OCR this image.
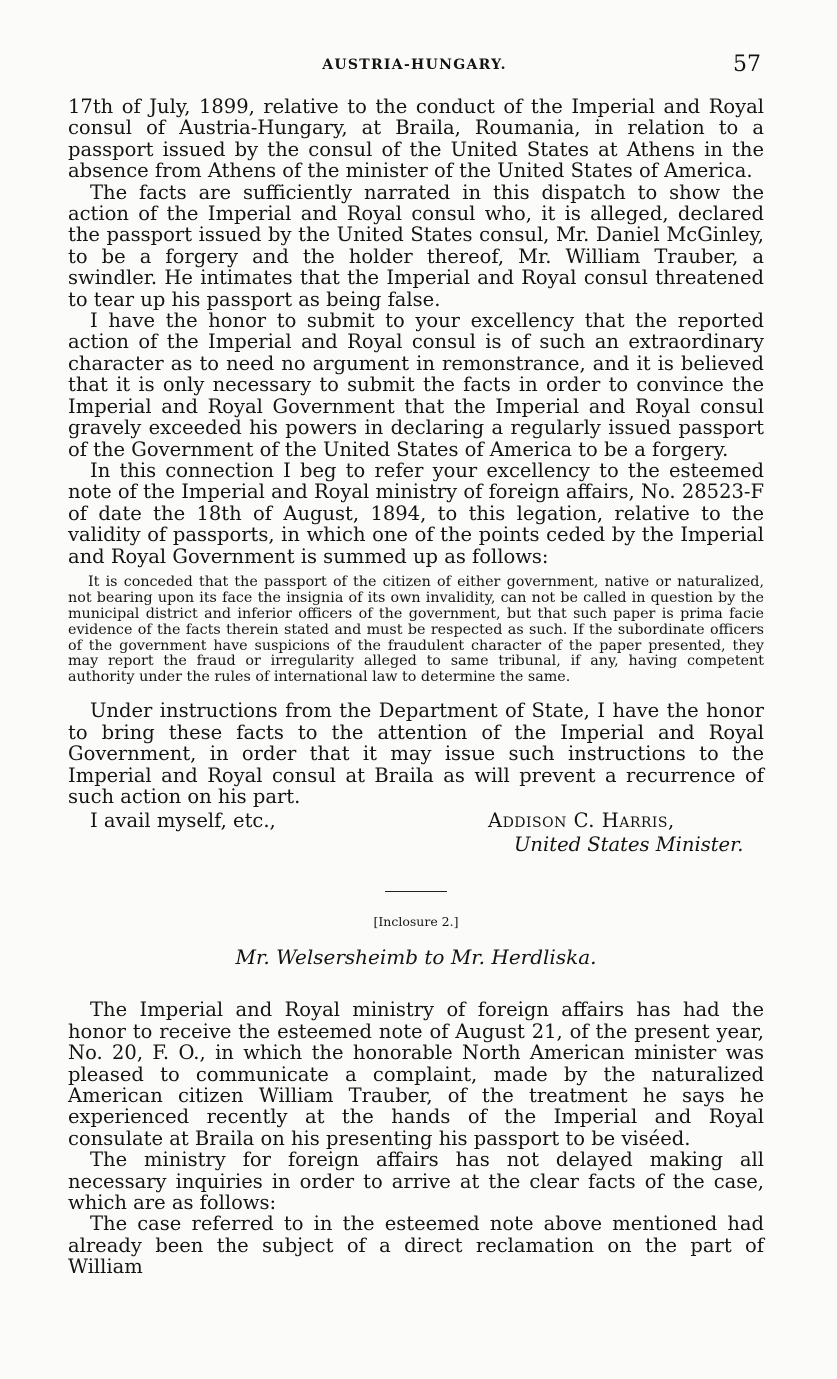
AUSTRIA-HUNGARY.	57

17th of July, 1899, relative to the conduct of the Imperial and Royal consul of Austria-Hungary, at Braila, Roumania, in relation to a passport issued by the consul of the United States at Athens in the absence from Athens of the minister of the United States of America.

The facts are sufficiently narrated in this dispatch to show the action of the Imperial and Royal consul who, it is alleged, declared the passport issued by the United States consul, Mr. Daniel McGinley, to be a forgery and the holder thereof, Mr. William Trauber, a swindler. He intimates that the Imperial and Royal consul threatened to tear up his passport as being false.

I have the honor to submit to your excellency that the reported action of the Imperial and Royal consul is of such an extraordinary character as to need no argument in remonstrance, and it is believed that it is only necessary to submit the facts in order to convince the Imperial and Royal Government that the Imperial and Royal consul gravely exceeded his powers in declaring a regularly issued passport of the Government of the United States of America to be a forgery.

In this connection I beg to refer your excellency to the esteemed note of the Imperial and Royal ministry of foreign affairs, No. 28523-F of date the 18th of August, 1894, to this legation, relative to the validity of passports, in which one of the points ceded by the Imperial and Royal Government is summed up as follows:

It is conceded that the passport of the citizen of either government, native or naturalized, not bearing upon its face the insignia of its own invalidity, can not be called in question by the municipal district and inferior officers of the government, but that such paper is prima facie evidence of the facts therein stated and must be respected as such. If the subordinate officers of the government have suspicions of the fraudulent character of the paper presented, they may report the fraud or irregularity alleged to same tribunal, if any, having competent authority under the rules of international law to determine the same.

Under instructions from the Department of State, I have the honor to bring these facts to the attention of the Imperial and Royal Government, in order that it may issue such instructions to the Imperial and Royal consul at Braila as will prevent a recurrence of such action on his part.

I avail myself, etc.,	Addison C. Harris,
United States Minister.
[Inclosure 2.]
Mr. Welsersheimb to Mr. Herdliska.

The Imperial and Royal ministry of foreign affairs has had the honor to receive the esteemed note of August 21, of the present year, No. 20, F. O., in which the honorable North American minister was pleased to communicate a complaint, made by the naturalized American citizen William Trauber, of the treatment he says he experienced recently at the hands of the Imperial and Royal consulate at Braila on his presenting his passport to be viséed.

The ministry for foreign affairs has not delayed making all necessary inquiries in order to arrive at the clear facts of the case, which are as follows:

The case referred to in the esteemed note above mentioned had already been the subject of a direct reclamation on the part of William
